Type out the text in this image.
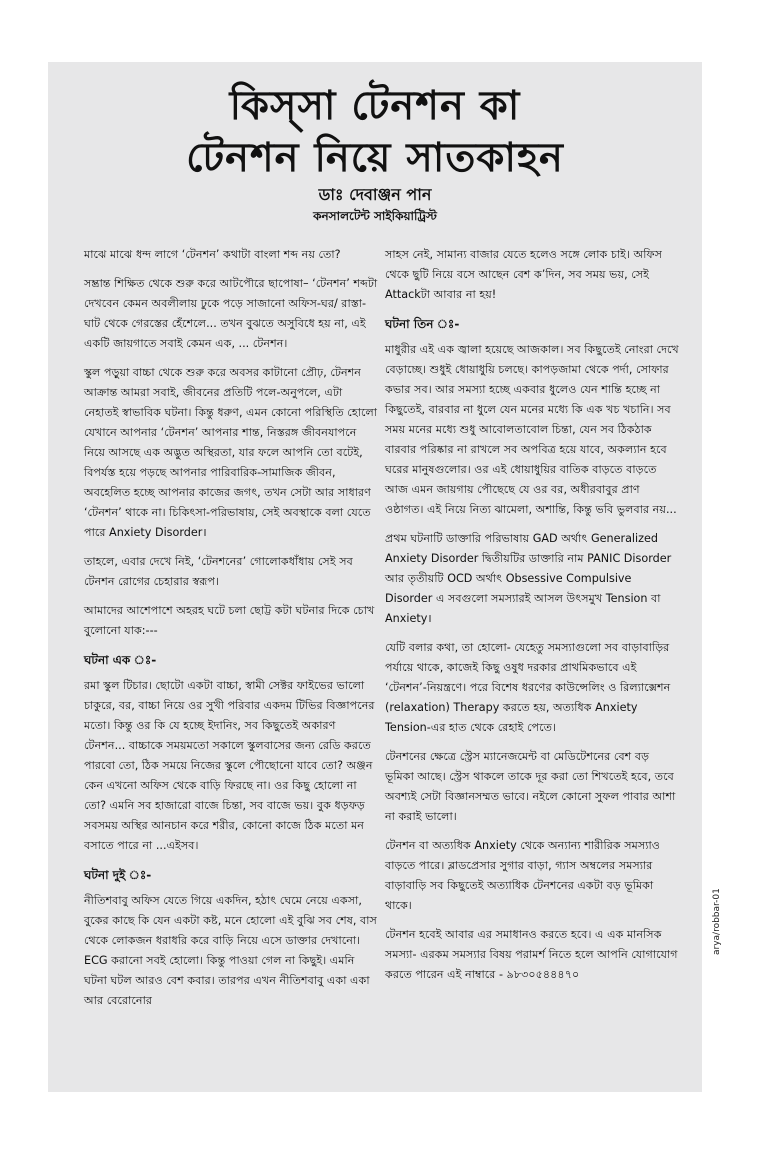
কিস্‌সা টেনশন কা
টেনশন নিয়ে সাতকাহন
ডাঃ দেবাঞ্জন পান
কনসালটেন্ট সাইকিয়াট্রিস্ট

মাঝে মাঝে ধন্দ লাগে ‘টেনশন’ কথাটা বাংলা শব্দ নয় তো?

সম্ভ্রান্ত শিক্ষিত থেকে শুরু করে আটপৌরে ছাপোষা– ‘টেনশন’ শব্দটা দেখবেন কেমন অবলীলায় ঢুকে পড়ে সাজানো অফিস-ঘর/ রাস্তা-ঘাট থেকে গেরস্তের হেঁশেলে... তখন বুঝতে অসুবিধে হয় না, এই একটি জায়গাতে সবাই কেমন এক, ... টেনশন।

স্কুল পড়ুয়া বাচ্চা থেকে শুরু করে অবসর কাটানো প্রৌঢ়, টেনশন আক্রান্ত আমরা সবাই, জীবনের প্রতিটি পলে-অনুপলে, এটা নেহাতই স্বাভাবিক ঘটনা। কিন্তু ধরুণ, এমন কোনো পরিস্থিতি হোলো যেখানে আপনার ‘টেনশন’ আপনার শান্ত, নিস্তরঙ্গ জীবনযাপনে নিয়ে আসছে এক অদ্ভুত অস্থিরতা, যার ফলে আপনি তো বটেই, বিপর্যস্ত হয়ে পড়ছে আপনার পারিবারিক-সামাজিক জীবন, অবহেলিত হচ্ছে আপনার কাজের জগৎ, তখন সেটা আর সাধারণ ‘টেনশন’ থাকে না। চিকিৎসা-পরিভাষায়, সেই অবস্থাকে বলা যেতে পারে Anxiety Disorder।

তাহলে, এবার দেখে নিই, ‘টেনশনের’ গোলোকধাঁধায় সেই সব টেনশন রোগের চেহারার স্বরূপ।

আমাদের আশেপাশে অহরহ ঘটে চলা ছোট্ট কটা ঘটনার দিকে চোখ বুলোনো যাক:---

ঘটনা এক ঃ-

রমা স্কুল টিচার। ছোটো একটা বাচ্চা, স্বামী সেক্টর ফাইভের ভালো চাকুরে, বর, বাচ্চা নিয়ে ওর সুখী পরিবার একদম টিভির বিজ্ঞাপনের মতো। কিন্তু ওর কি যে হচ্ছে ইদানিং, সব কিছুতেই অকারণ টেনশন... বাচ্চাকে সময়মতো সকালে স্কুলবাসের জন্য রেডি করতে পারবো তো, ঠিক সময়ে নিজের স্কুলে পৌছোনো যাবে তো? অঞ্জন কেন এখনো অফিস থেকে বাড়ি ফিরছে না। ওর কিছু হোলো না তো? এমনি সব হাজারো বাজে চিন্তা, সব বাজে ভয়। বুক ধড়ফড় সবসময় অস্থির আনচান করে শরীর, কোনো কাজে ঠিক মতো মন বসাতে পারে না ...এইসব।

ঘটনা দুই ঃ-

নীতিশবাবু অফিস যেতে গিয়ে একদিন, হঠাৎ ঘেমে নেয়ে একসা, বুকের কাছে কি যেন একটা কষ্ট, মনে হোলো এই বুঝি সব শেষ, বাস থেকে লোকজন ধরাধরি করে বাড়ি নিয়ে এসে ডাক্তার দেখানো। ECG করানো সবই হোলো। কিন্তু পাওয়া গেল না কিছুই। এমনি ঘটনা ঘটল আরও বেশ কবার। তারপর এখন নীতিশবাবু একা একা আর বেরোনোর

সাহস নেই, সামান্য বাজার যেতে হলেও সঙ্গে লোক চাই। অফিস থেকে ছুটি নিয়ে বসে আছেন বেশ ক’দিন, সব সময় ভয়, সেই Attackটা আবার না হয়!

ঘটনা তিন ঃ-

মাধুরীর এই এক জ্বালা হয়েছে আজকাল। সব কিছুতেই নোংরা দেখে বেড়াচ্ছে। শুধুই ধোয়াধুয়ি চলছে। কাপড়জামা থেকে পর্দা, সোফার কভার সব। আর সমস্যা হচ্ছে একবার ধুলেও যেন শান্তি হচ্ছে না কিছুতেই, বারবার না ধুলে যেন মনের মধ্যে কি এক খচ খচানি। সব সময় মনের মধ্যে শুধু আবোলতাবোল চিন্তা, যেন সব ঠিকঠাক বারবার পরিষ্কার না রাখলে সব অপবিত্র হয়ে যাবে, অকল্যান হবে ঘরের মানুষগুলোর। ওর এই ধোয়াধুয়ির বাতিক বাড়তে বাড়তে আজ এমন জায়গায় পৌছেছে যে ওর বর, অধীরবাবুর প্রাণ ওষ্ঠাগত। এই নিয়ে নিত্য ঝামেলা, অশান্তি, কিন্তু ভবি ভুলবার নয়...

প্রথম ঘটনাটি ডাক্তারি পরিভাষায় GAD অর্থাৎ Generalized Anxiety Disorder দ্বিতীয়টির ডাক্তারি নাম PANIC Disorder আর তৃতীয়টি OCD অর্থাৎ Obsessive Compulsive Disorder এ সবগুলো সমস্যারই আসল উৎসমুখ Tension বা Anxiety।

যেটি বলার কথা, তা হোলো- যেহেতু সমস্যাগুলো সব বাড়াবাড়ির পর্যায়ে থাকে, কাজেই কিছু ওষুধ দরকার প্রাথমিকভাবে এই ‘টেনশন’-নিয়ন্ত্রণে। পরে বিশেষ ধরণের কাউন্সেলিং ও রিল্যাক্সেশন (relaxation) Therapy করতে হয়, অত্যধিক Anxiety Tension-এর হাত থেকে রেহাই পেতে।

টেনশনের ক্ষেত্রে স্ট্রেস ম্যানেজমেন্ট বা মেডিটেশনের বেশ বড় ভূমিকা আছে। স্ট্রেস থাকলে তাকে দূর করা তো শিখতেই হবে, তবে অবশ্যই সেটা বিজ্ঞানসম্মত ভাবে। নইলে কোনো সুফল পাবার আশা না করাই ভালো।

টেনশন বা অত্যধিক Anxiety থেকে অন্যান্য শারীরিক সমস্যাও বাড়তে পারে। ব্লাডপ্রেসার সুগার বাড়া, গ্যাস অম্বলের সমস্যার বাড়াবাড়ি সব কিছুতেই অত্যাধিক টেনশনের একটা বড় ভূমিকা থাকে।

টেনশন হবেই আবার এর সমাধানও করতে হবে। এ এক মানসিক সমস্যা- এরকম সমস্যার বিষয় পরামর্শ নিতে হলে আপনি যোগাযোগ করতে পারেন এই নাম্বারে - ৯৮৩০৫৪৪৪৭০

arya/robbar-01
